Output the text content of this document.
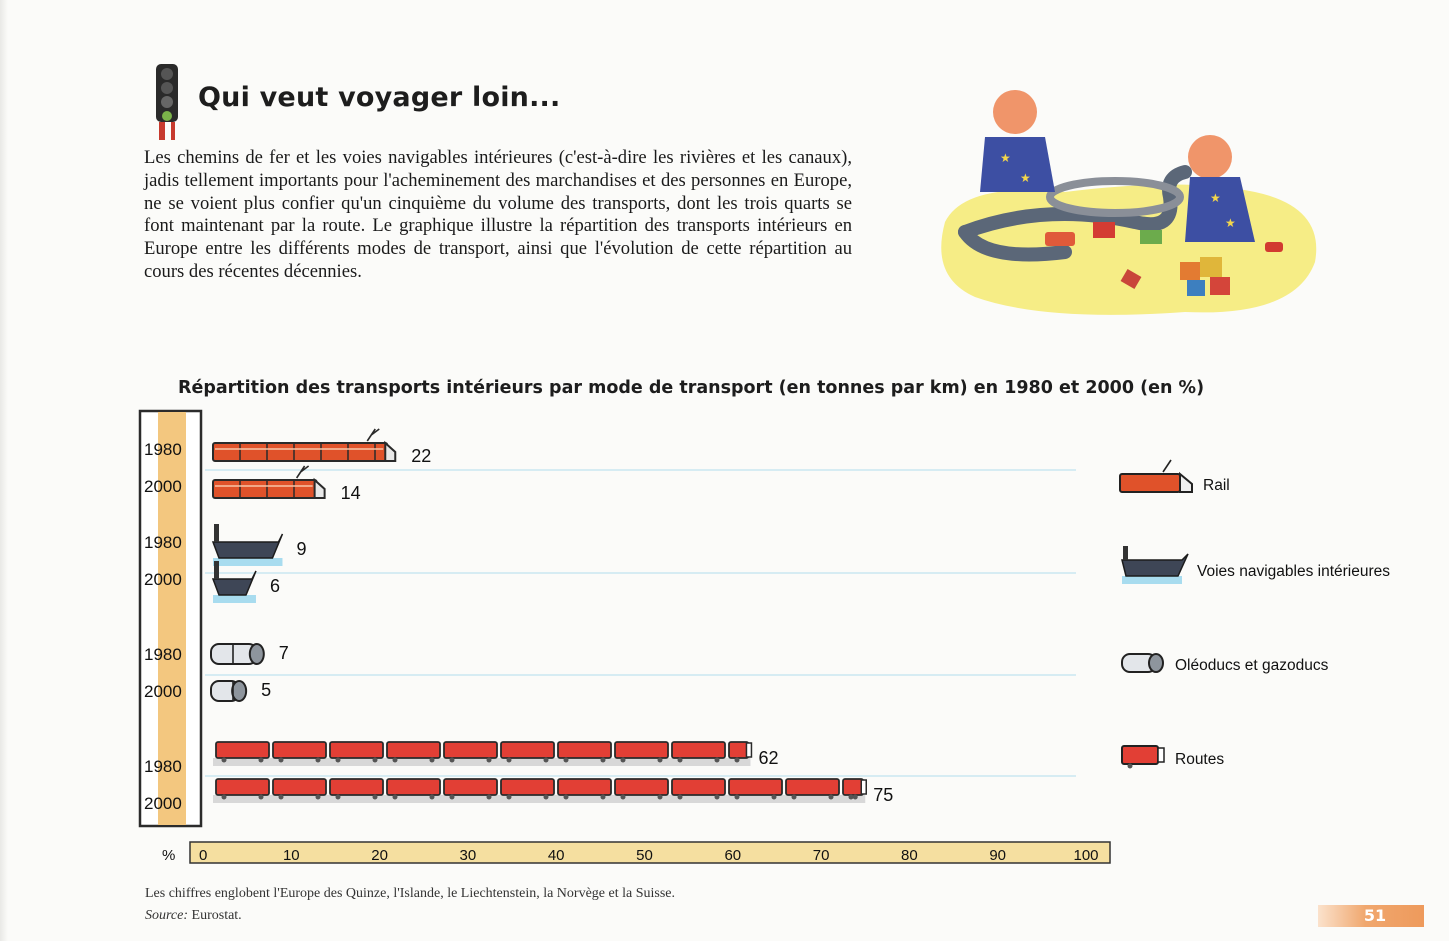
Qui veut voyager loin...
Les chemins de fer et les voies navigables intérieures (c'est-à-dire les rivières et les canaux), jadis tellement importants pour l'acheminement des marchandises et des personnes en Europe, ne se voient plus confier qu'un cinquième du volume des transports, dont les trois quarts se font maintenant par la route. Le graphique illustre la répartition des transports intérieurs en Europe entre les différents modes de transport, ainsi que l'évolution de cette répartition au cours des récentes décennies.
★
★
★
★
Répartition des transports intérieurs par mode de transport (en tonnes par km) en 1980 et 2000 (en %)
1980	22
2000	14
1980	9
2000	6
1980	7
2000	5
1980	62
2000	75
Rail
Voies navigables intérieures
Oléoducs et gazoducs
Routes
% 0	10	20	30	40	50	60	70	80	90	100
Les chiffres englobent l'Europe des Quinze, l'Islande, le Liechtenstein, la Norvège et la Suisse.
Source: Eurostat.	51
